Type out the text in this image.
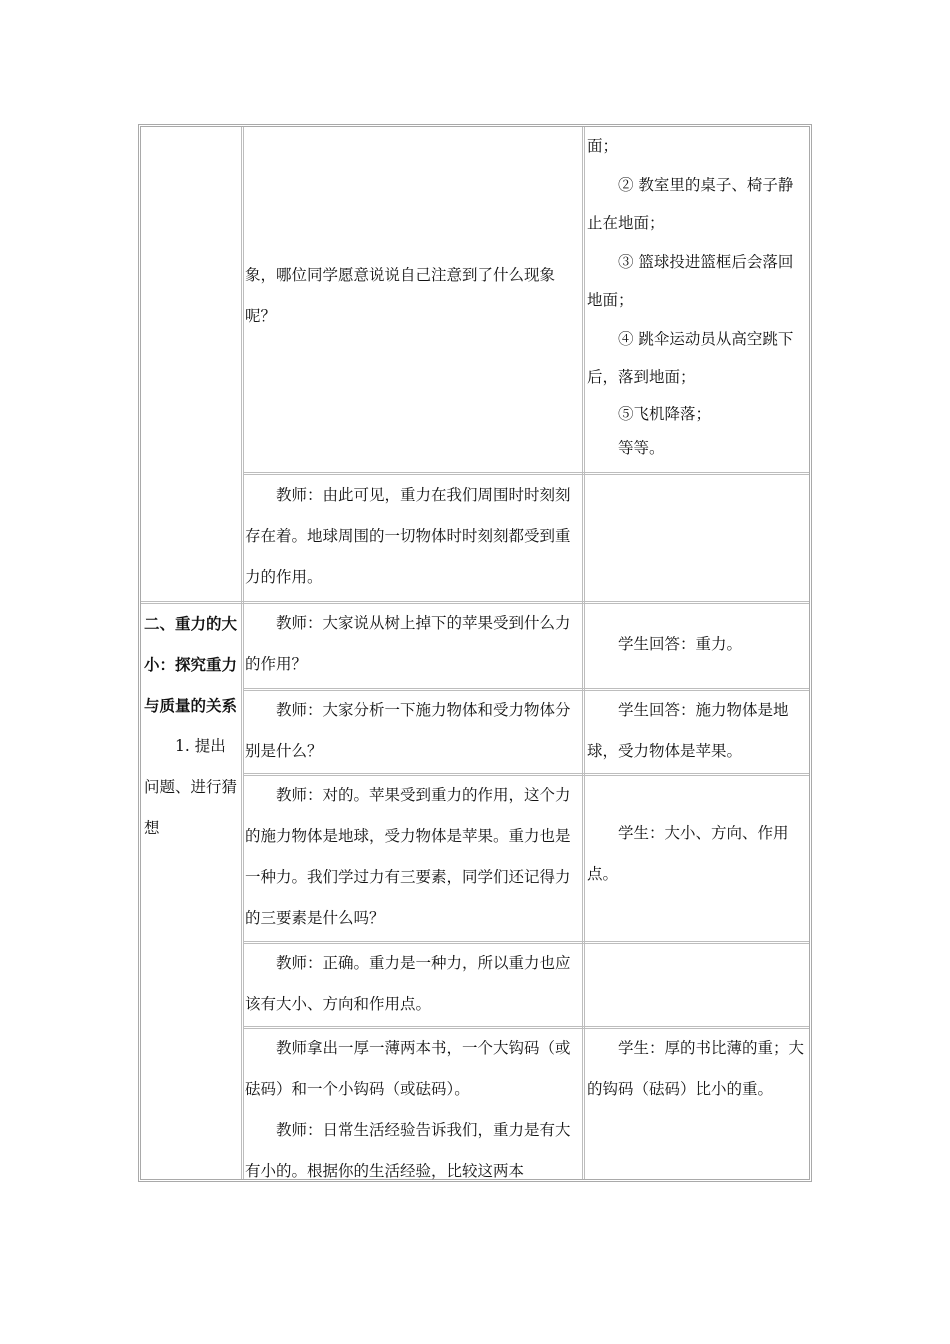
二、重力的大小：探究重力与质量的关系

1. 提出问题、进行猜想

象，哪位同学愿意说说自己注意到了什么现象呢？

面；

② 教室里的桌子、椅子静止在地面；

③ 篮球投进篮框后会落回地面；

④ 跳伞运动员从高空跳下后，落到地面；

⑤飞机降落；

等等。

教师：由此可见，重力在我们周围时时刻刻存在着。地球周围的一切物体时时刻刻都受到重力的作用。

教师：大家说从树上掉下的苹果受到什么力的作用？

学生回答：重力。

教师：大家分析一下施力物体和受力物体分别是什么？

学生回答：施力物体是地球，受力物体是苹果。

教师：对的。苹果受到重力的作用，这个力的施力物体是地球，受力物体是苹果。重力也是一种力。我们学过力有三要素，同学们还记得力的三要素是什么吗？

学生：大小、方向、作用点。

教师：正确。重力是一种力，所以重力也应该有大小、方向和作用点。

教师拿出一厚一薄两本书，一个大钩码（或砝码）和一个小钩码（或砝码）。

教师：日常生活经验告诉我们，重力是有大有小的。根据你的生活经验，比较这两本

学生：厚的书比薄的重；大的钩码（砝码）比小的重。
